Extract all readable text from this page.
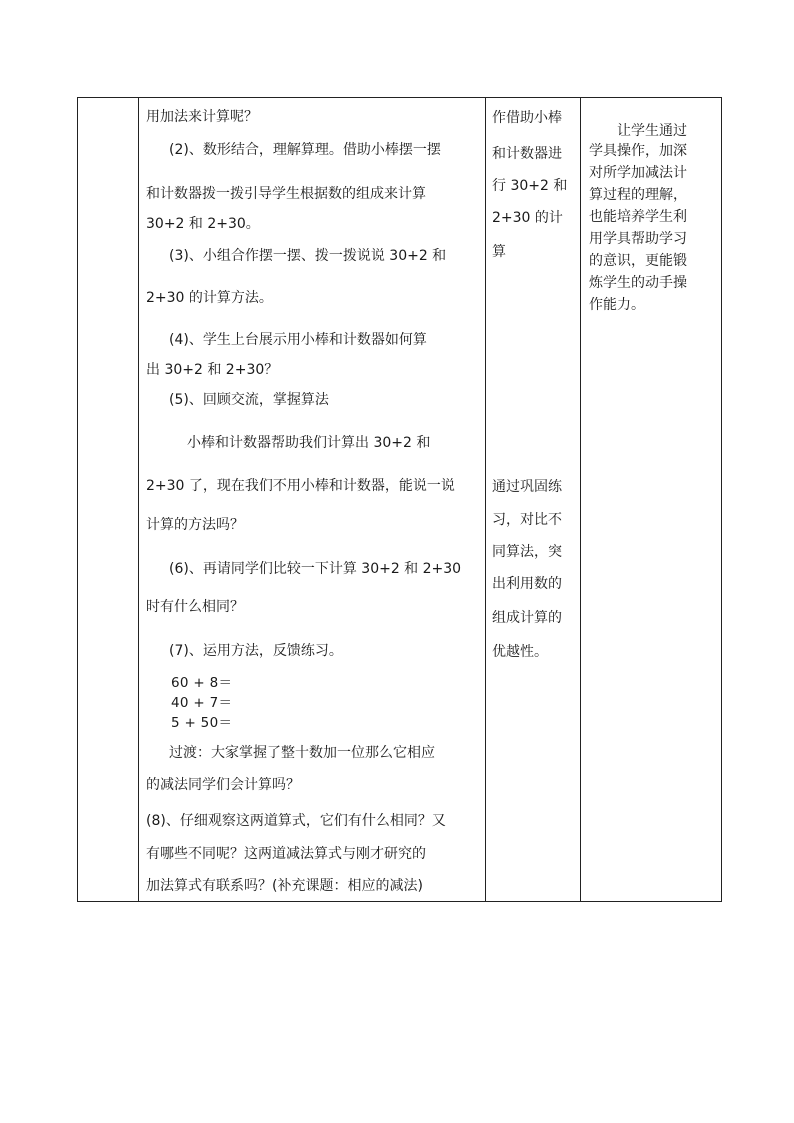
用加法来计算呢？
(2)、数形结合，理解算理。借助小棒摆一摆
和计数器拨一拨引导学生根据数的组成来计算
30+2 和 2+30。
(3)、小组合作摆一摆、拨一拨说说 30+2 和
2+30 的计算方法。
(4)、学生上台展示用小棒和计数器如何算
出 30+2 和 2+30？
(5)、回顾交流，掌握算法
小棒和计数器帮助我们计算出 30+2 和
2+30 了，现在我们不用小棒和计数器，能说一说
计算的方法吗？
(6)、再请同学们比较一下计算 30+2 和 2+30
时有什么相同？
(7)、运用方法，反馈练习。
60 + 8＝
40 + 7＝
5 + 50＝
过渡：大家掌握了整十数加一位那么它相应
的减法同学们会计算吗？
(8)、仔细观察这两道算式，它们有什么相同？又
有哪些不同呢？这两道减法算式与刚才研究的
加法算式有联系吗？(补充课题：相应的减法)

作借助小棒
和计数器进
行 30+2 和
2+30 的计
算
通过巩固练
习，对比不
同算法，突
出利用数的
组成计算的
优越性。

让学生通过
学具操作，加深
对所学加减法计
算过程的理解，
也能培养学生利
用学具帮助学习
的意识，更能锻
炼学生的动手操
作能力。
